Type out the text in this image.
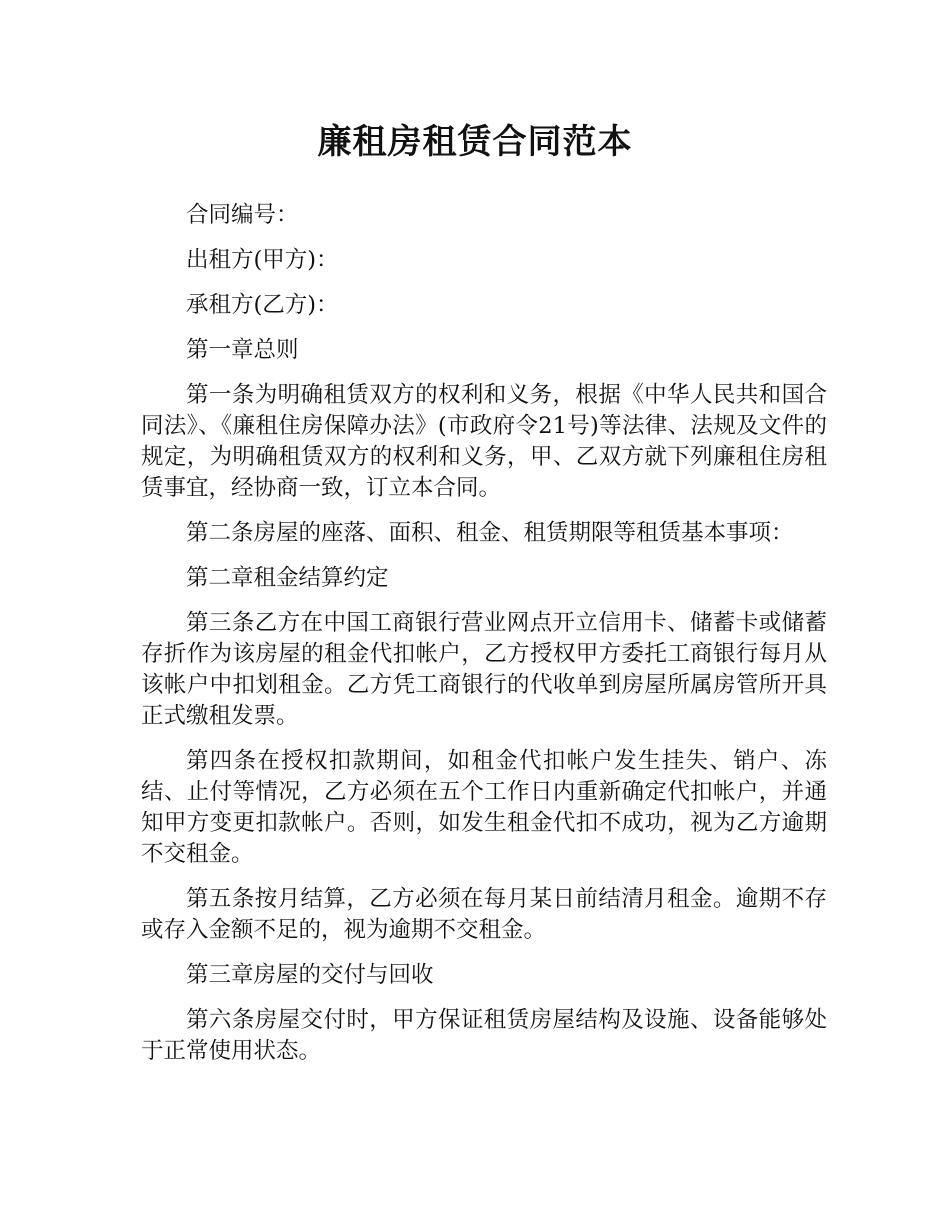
廉租房租赁合同范本

合同编号：

出租方(甲方)：

承租方(乙方)：

第一章总则

第一条为明确租赁双方的权利和义务，根据《中华人民共和国合同法》、《廉租住房保障办法》(市政府令21号)等法律、法规及文件的规定，为明确租赁双方的权利和义务，甲、乙双方就下列廉租住房租赁事宜，经协商一致，订立本合同。

第二条房屋的座落、面积、租金、租赁期限等租赁基本事项：

第二章租金结算约定

第三条乙方在中国工商银行营业网点开立信用卡、储蓄卡或储蓄存折作为该房屋的租金代扣帐户，乙方授权甲方委托工商银行每月从该帐户中扣划租金。乙方凭工商银行的代收单到房屋所属房管所开具正式缴租发票。

第四条在授权扣款期间，如租金代扣帐户发生挂失、销户、冻结、止付等情况，乙方必须在五个工作日内重新确定代扣帐户，并通知甲方变更扣款帐户。否则，如发生租金代扣不成功，视为乙方逾期不交租金。

第五条按月结算，乙方必须在每月某日前结清月租金。逾期不存或存入金额不足的，视为逾期不交租金。

第三章房屋的交付与回收

第六条房屋交付时，甲方保证租赁房屋结构及设施、设备能够处于正常使用状态。
